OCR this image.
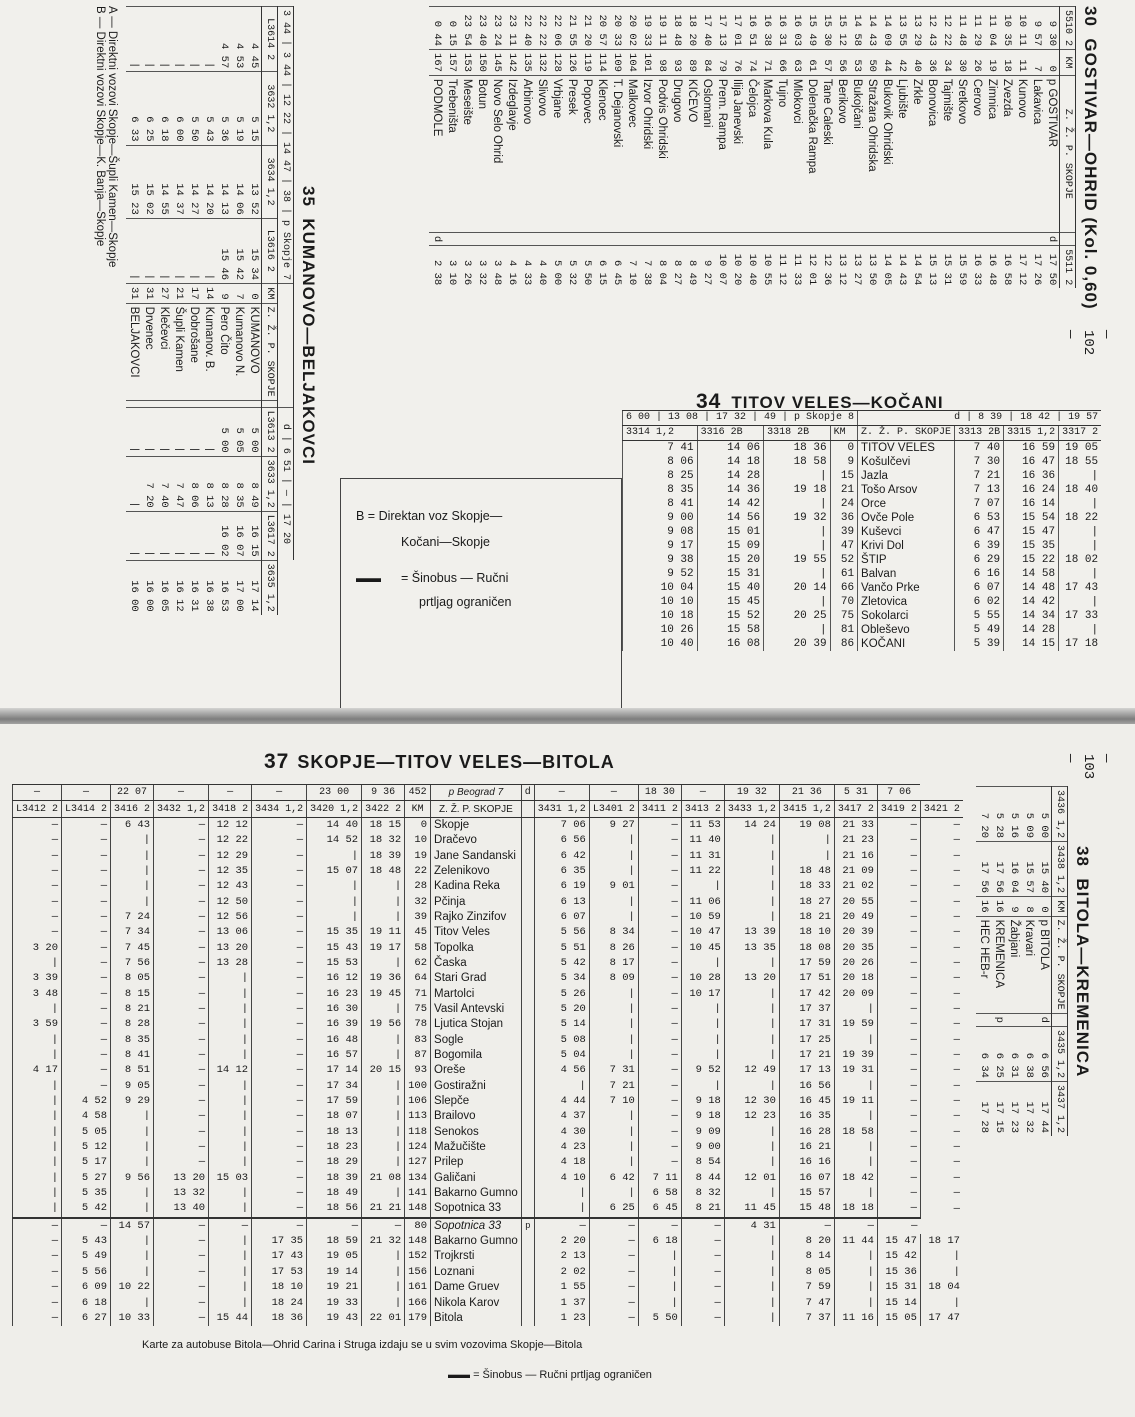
—102—
30  GOSTIVAR—OHRID (Kol. 0,60)
5510 2	KM	Z. Ž. P. SKOPJE		5511 2
9 30	0	p GOSTIVAR	d	17 50
9 57	7	Lakavica		17 26
10 11	11	Kunovo		17 12
10 35	18	Zvezda		16 58
11 04	19	Zimnica		16 48
11 29	26	Cerovo		16 33
11 48	30	Sretkovo		15 59
12 22	34	Tajmište		15 31
12 43	36	Bonovica		15 13
13 29	40	Zrkle		14 54
13 55	42	Ljubište		14 43
14 09	44	Bukovik Ohridski		14 05
14 43	50	Stražara Ohridska		13 50
14 58	53	Bukojčani		13 27
15 12	56	Berikovo		13 12
15 30	57	Tane Caleski		12 36
15 49	61	Dolenačka Rampa		12 01
16 03	63	Mlokovci		11 33
16 31	66	Tujno		11 12
16 38	71	Markova Kula		10 55
16 51	74	Čelojca		10 40
17 01	76	Ilija Janevski		10 20
17 13	79	Prem. Rampa		10 07
17 40	84	Oslomani		9 27
18 20	89	KIČEVO		8 49
18 48	93	Drugovo		8 27
19 11	98	Podvis Ohridski		8 04
19 33	101	Izvor Ohridski		7 38
20 02	104	Malkovec		7 10
20 33	109	T. Dejanovski		6 45
20 57	114	Klenoec		6 15
21 20	119	Popovec		5 50
21 55	126	Presek		5 32
22 06	128	Vrbjane		5 00
22 22	132	Slivovo		4 40
22 40	135	Arbinovo		4 33
23 11	142	Izdeglavje		4 16
23 24	145	Novo Selo Ohrid		3 48
23 40	150	Botun		3 32
23 54	153	Meseište		3 26
0 15	157	Trebeništa		3 10
0 44	167	PODMOLE	d	2 38
35  KUMANOVO—BELJAKOVCI
3 44 | 3 44 | 12 22 | 14 47 | 38 | p Skopje 7							d | 6 51 | — | 17 20			
L3614 2	3632 1,2	3634 1,2	L3616 2	KM	Z. Ž. P. SKOPJE		L3613 2	3633 1,2	L3617 2	3635 1,2
4 45	5 15	13 52	15 34	0	KUMANOVO		5 00	8 49	16 15	17 14
4 53	5 19	14 06	15 42	7	Kumanovo N.		5 05	8 35	16 07	17 00
4 57	5 36	14 13	15 46	9	Pero Čito		5 00	8 28	16 02	16 53
|	5 43	14 20	|	14	Kumanov. B.		|	8 13	|	16 38
|	5 50	14 27	|	17	Dobrošane		|	8 06	|	16 31
|	6 00	14 37	|	21	Šupli Kamen		|	7 47	|	16 12
|	6 18	14 55	|	27	Klečevci		|	7 40	|	16 05
|	6 25	15 02	|	31	Drvenec		|	7 20	|	16 00
|	6 33	15 23	|	31	BELJAKOVCI		|	|	|	16 00
A — Direktni vozovi Skopje—Šupli Kamen—Skopje
B — Direktni vozovi Skopje—K. Banja—Skopje
34 TITOV VELES—KOČANI
B = Direktan voz Skopje—
Kočani—Skopje
▬▬ = Šinobus — Ručni
prtljag ograničen
6 00 | 13 08 | 17 32 | 49 | p Skopje 8				d | 8 39 | 18 42 | 19 57			
3314 1,2	3316 2B	3318 2B	KM	Z. Ž. P. SKOPJE	3313 2B	3315 1,2	3317 2
7 41	14 06	18 36	0	TITOV VELES	7 40	16 59	19 05
8 06	14 18	18 58	9	Košulčevi	7 30	16 47	18 55
8 25	14 28	|	15	Jazla	7 21	16 36	|
8 35	14 36	19 18	21	Tošo Arsov	7 13	16 24	18 40
8 41	14 42	|	24	Orce	7 07	16 14	|
9 00	14 56	19 32	36	Ovče Pole	6 53	15 54	18 22
9 08	15 01	|	39	Kuševci	6 47	15 47	|
9 17	15 09	|	47	Krivi Dol	6 39	15 35	|
9 38	15 20	19 55	52	ŠTIP	6 29	15 22	18 02
9 52	15 31	|	61	Balvan	6 16	14 58	|
10 04	15 40	20 14	66	Vančo Prke	6 07	14 48	17 43
10 10	15 45	|	70	Zletovica	6 02	14 42	|
10 18	15 52	20 25	75	Sokolarci	5 55	14 34	17 33
10 26	15 58	|	81	Obleševo	5 49	14 28	|
10 40	16 08	20 39	86	KOČANI	5 39	14 15	17 18
—103—
38  BITOLA—KREMENICA
3436 1,2	3438 1,2	KM	Z. Ž. P. SKOPJE		3435 1,2	3437 1,2
5 00	15 40	0	p BITOLA	d	6 56	17 44
5 09	15 57	8	Kravari		6 38	17 32
5 16	16 04	9	Žabjani		6 31	17 23
5 28	17 56	16	KREMENICA	p	6 25	17 15
7 20	17 56	16	HEC HEB-r		6 34	17 28
37 SKOPJE—TITOV VELES—BITOLA
—	—	22 07	—	—	—	23 00	9 36	452	p Beograd 7	d	—	—	18 30	—	19 32	21 36	5 31	7 06	
L3412 2	L3414 2	3416 2	3432 1,2	3418 2	3434 1,2	3420 1,2	3422 2	KM	Z. Ž. P. SKOPJE		3431 1,2	L3401 2	3411 2	3413 2	3433 1,2	3415 1,2	3417 2	3419 2	3421 2
—	—	6 43	—	12 12	—	14 40	18 15	0	Skopje		7 06	9 27	—	11 53	14 24	19 08	21 33	—	—
—	—	|	—	12 22	—	14 52	18 32	10	Dračevo		6 56	|	—	11 40	|	|	21 23	—	—
—	—	|	—	12 29	—	|	18 39	19	Jane Sandanski		6 42	|	—	11 31	|	|	21 16	—	—
—	—	|	—	12 35	—	15 07	18 48	22	Zelenikovo		6 35	|	—	11 22	|	18 48	21 09	—	—
—	—	|	—	12 43	—	|	|	28	Kadina Reka		6 19	9 01	—	|	|	18 33	21 02	—	—
—	—	|	—	12 50	—	|	|	32	Pčinja		6 13	|	—	11 06	|	18 27	20 55	—	—
—	—	7 24	—	12 56	—	|	|	39	Rajko Zinzifov		6 07	|	—	10 59	|	18 21	20 49	—	—
—	—	7 34	—	13 06	—	15 35	19 11	45	Titov Veles		5 56	8 34	—	10 47	13 39	18 10	20 39	—	—
3 20	—	7 45	—	13 20	—	15 43	19 17	58	Topolka		5 51	8 26	—	10 45	13 35	18 08	20 35	—	—
|	—	7 56	—	13 28	—	15 53	|	62	Časka		5 42	8 17	—	|	|	17 59	20 26	—	—
3 39	—	8 05	—	|	—	16 12	19 36	64	Stari Grad		5 34	8 09	—	10 28	13 20	17 51	20 18	—	—
3 48	—	8 15	—	|	—	16 23	19 45	71	Martolci		5 26	|	—	10 17	|	17 42	20 09	—	—
|	—	8 21	—	|	—	16 30	|	75	Vasil Antevski		5 20	|	—	|	|	17 37	|	—	—
3 59	—	8 28	—	|	—	16 39	19 56	78	Ljutica Stojan		5 14	|	—	|	|	17 31	19 59	—	—
|	—	8 35	—	|	—	16 48	|	83	Sogle		5 08	|	—	|	|	17 25	|	—	—
|	—	8 41	—	|	—	16 57	|	87	Bogomila		5 04	|	—	|	|	17 21	19 39	—	—
4 17	—	8 51	—	14 12	—	17 14	20 15	93	Oreše		4 56	7 31	—	9 52	12 49	17 13	19 31	—	—
|	—	9 05	—	|	—	17 34	|	100	Gostiražni		|	7 21	—	|	|	16 56	|	—	—
|	4 52	9 29	—	|	—	17 59	|	106	Slepče		4 44	7 10	—	9 18	12 30	16 45	19 11	—	—
|	4 58	|	—	|	—	18 07	|	113	Brailovo		4 37	|	—	9 18	12 23	16 35	|	—	—
|	5 05	|	—	|	—	18 13	|	118	Senokos		4 30	|	—	9 09	|	16 28	18 58	—	—
|	5 12	|	—	|	—	18 23	|	124	Mažučište		4 23	|	—	9 00	|	16 21	|	—	—
|	5 17	|	—	|	—	18 29	|	127	Prilep		4 18	|	—	8 54	|	16 16	|	—	—
|	5 27	9 56	13 20	15 03	—	18 39	21 08	134	Galičani		4 10	6 42	7 11	8 44	12 01	16 07	18 42	—	—
|	5 35	|	13 32	|	—	18 49	|	141	Bakarno Gumno		|	|	6 58	8 32	|	15 57	|	—	—
|	5 42	|	13 40	|	—	18 56	21 21	148	Sopotnica 33		|	6 25	6 45	8 21	11 45	15 48	18 18	—	—
—	—	14 57	—	—	—	—	—	80	Sopotnica 33	p	—	—	—	—	4 31	—	—	—	
—	5 43	|	—	|	17 35	18 59	21 32	148	Bakarno Gumno		2 20	—	6 18	—	|	8 20	11 44	15 47	18 17
—	5 49	|	—	|	17 43	19 05	|	152	Trojkrsti		2 13	—	|	—	|	8 14	|	15 42	|
—	5 56	|	—	|	17 53	19 14	|	156	Loznani		2 02	—	|	—	|	8 05	|	15 36	|
—	6 09	10 22	—	|	18 10	19 21	|	161	Dame Gruev		1 55	—	|	—	|	7 59	|	15 31	18 04
—	6 18	|	—	|	18 24	19 33	|	166	Nikola Karov		1 37	—	|	—	|	7 47	|	15 14	|
—	6 27	10 33	—	15 44	18 36	19 43	22 01	179	Bitola		1 23	—	5 50	—	|	7 37	11 16	15 05	17 47
Karte za autobuse Bitola—Ohrid Carina i Struga izdaju se u svim vozovima Skopje—Bitola
▬▬ = Šinobus — Ručni prtljag ograničen
